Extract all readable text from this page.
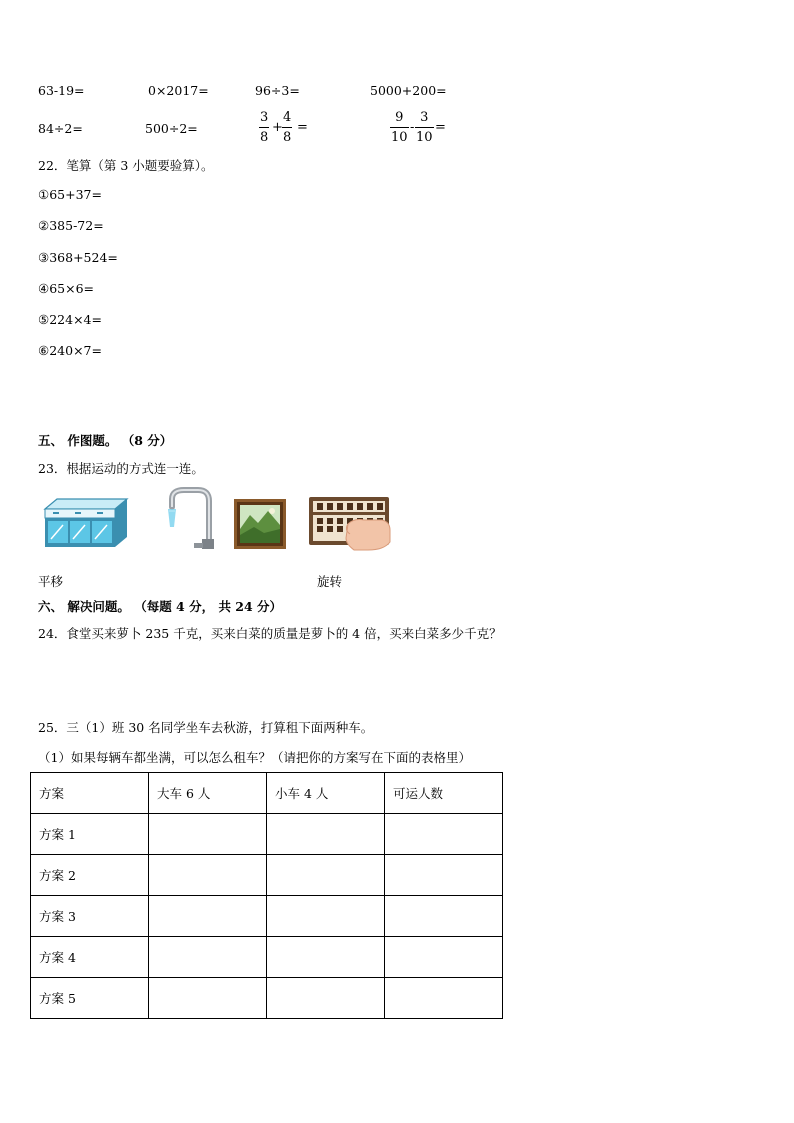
63-19=	0×2017=	96÷3=	5000+200=
84÷2=	500÷2=	$\frac{3}{8} + \frac{4}{8}$ =	$\frac{9}{10} - \frac{3}{10}$ =
22．笔算（第 3 小题要验算）。
①65+37=
②385-72=
③368+524=
④65×6=
⑤224×4=
⑥240×7=
五、 作图题。 （8 分）
23．根据运动的方式连一连。
平移	旋转
六、 解决问题。 （每题 4 分， 共 24 分）
24．食堂买来萝卜 235 千克，买来白菜的质量是萝卜的 4 倍，买来白菜多少千克？
25．三（1）班 30 名同学坐车去秋游，打算租下面两种车。
（1）如果每辆车都坐满，可以怎么租车？（请把你的方案写在下面的表格里）
方案	大车 6 人	小车 4 人	可运人数
方案 1			
方案 2			
方案 3			
方案 4			
方案 5			
